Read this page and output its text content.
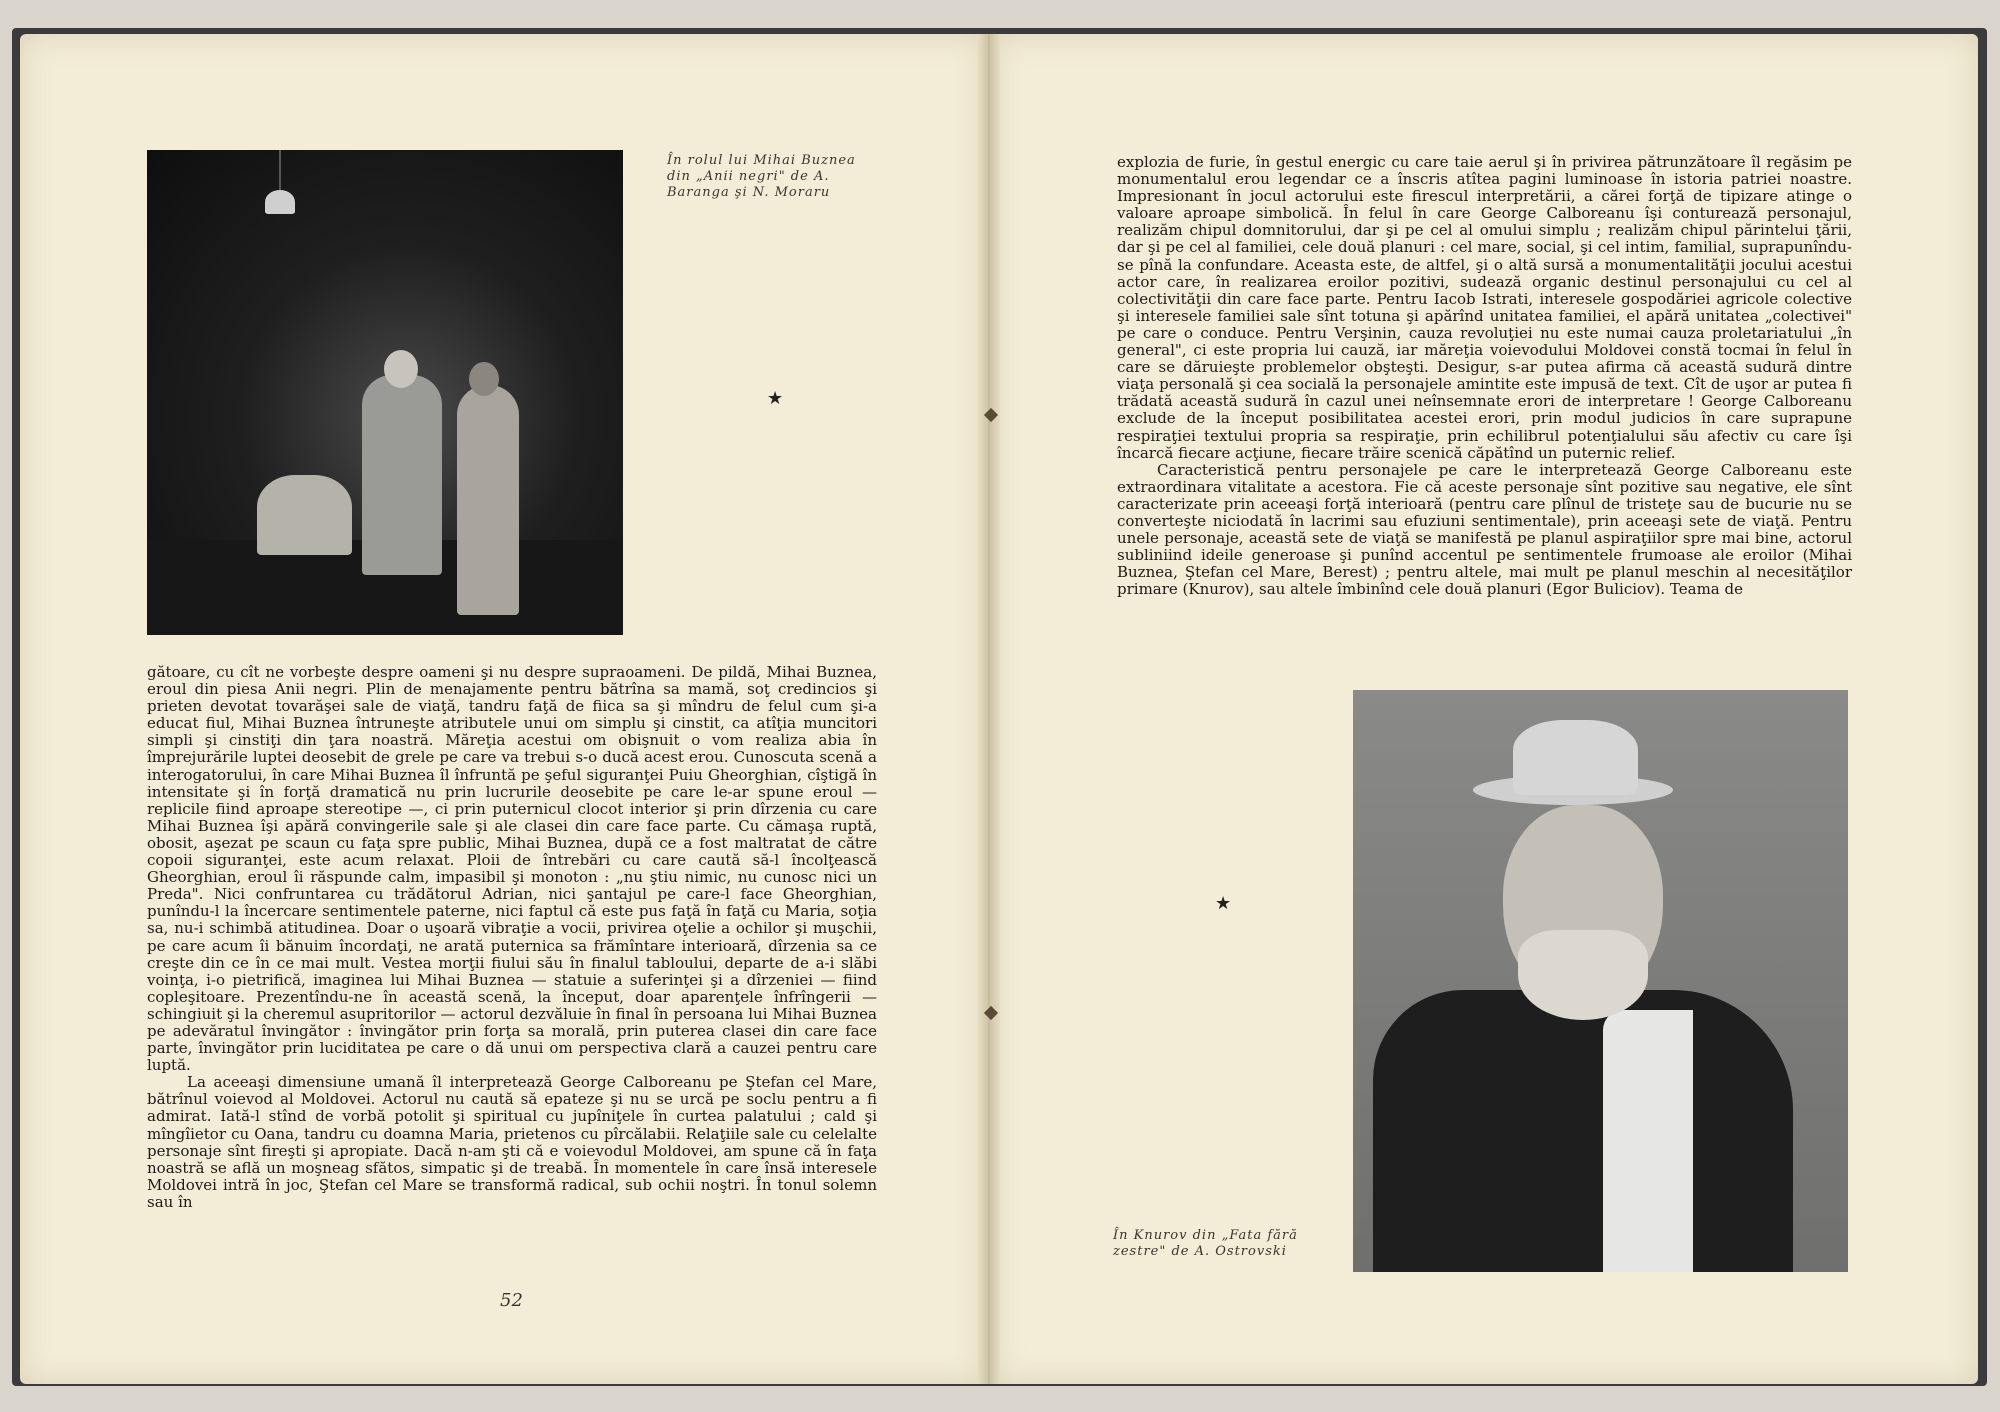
În rolul lui Mihai Buznea din „Anii negri" de A. Baranga şi N. Moraru
★

gătoare, cu cît ne vorbeşte despre oameni şi nu despre supraoameni. De pildă, Mihai Buznea, eroul din piesa Anii negri. Plin de menajamente pentru bătrîna sa mamă, soţ credincios şi prieten devotat tovarăşei sale de viaţă, tandru faţă de fiica sa şi mîndru de felul cum şi-a educat fiul, Mihai Buznea întruneşte atributele unui om simplu şi cinstit, ca atîţia muncitori simpli şi cinstiţi din ţara noastră. Măreţia acestui om obişnuit o vom realiza abia în împrejurările luptei deosebit de grele pe care va trebui s-o ducă acest erou. Cunoscuta scenă a interogatorului, în care Mihai Buznea îl înfruntă pe şeful siguranţei Puiu Gheorghian, cîştigă în intensitate şi în forţă dramatică nu prin lucrurile deosebite pe care le-ar spune eroul — replicile fiind aproape stereotipe —, ci prin puternicul clocot interior şi prin dîrzenia cu care Mihai Buznea îşi apără convingerile sale şi ale clasei din care face parte. Cu cămaşa ruptă, obosit, aşezat pe scaun cu faţa spre public, Mihai Buznea, după ce a fost maltratat de către copoii siguranţei, este acum relaxat. Ploii de întrebări cu care caută să-l încolţească Gheorghian, eroul îi răspunde calm, impasibil şi monoton : „nu ştiu nimic, nu cunosc nici un Preda". Nici confruntarea cu trădătorul Adrian, nici şantajul pe care-l face Gheorghian, punîndu-l la încercare sentimentele paterne, nici faptul că este pus faţă în faţă cu Maria, soţia sa, nu-i schimbă atitudinea. Doar o uşoară vibraţie a vocii, privirea oţelie a ochilor şi muşchii, pe care acum îi bănuim încordaţi, ne arată puternica sa frămîntare interioară, dîrzenia sa ce creşte din ce în ce mai mult. Vestea morţii fiului său în finalul tabloului, departe de a-i slăbi voinţa, i-o pietrifică, imaginea lui Mihai Buznea — statuie a suferinţei şi a dîrzeniei — fiind copleşitoare. Prezentîndu-ne în această scenă, la început, doar aparenţele înfrîngerii — schingiuit şi la cheremul asupritorilor — actorul dezvăluie în final în persoana lui Mihai Buznea pe adevăratul învingător : învingător prin forţa sa morală, prin puterea clasei din care face parte, învingător prin luciditatea pe care o dă unui om perspectiva clară a cauzei pentru care luptă.

La aceeaşi dimensiune umană îl interpretează George Calboreanu pe Ştefan cel Mare, bătrînul voievod al Moldovei. Actorul nu caută să epateze şi nu se urcă pe soclu pentru a fi admirat. Iată-l stînd de vorbă potolit şi spiritual cu jupîniţele în curtea palatului ; cald şi mîngîietor cu Oana, tandru cu doamna Maria, prietenos cu pîrcălabii. Relaţiile sale cu celelalte personaje sînt fireşti şi apropiate. Dacă n-am şti că e voievodul Moldovei, am spune că în faţa noastră se află un moşneag sfătos, simpatic şi de treabă. În momentele în care însă interesele Moldovei intră în joc, Ştefan cel Mare se transformă radical, sub ochii noştri. În tonul solemn sau în

52

explozia de furie, în gestul energic cu care taie aerul şi în privirea pătrunzătoare îl regăsim pe monumentalul erou legendar ce a înscris atîtea pagini luminoase în istoria patriei noastre. Impresionant în jocul actorului este firescul interpretării, a cărei forţă de tipizare atinge o valoare aproape simbolică. În felul în care George Calboreanu îşi conturează personajul, realizăm chipul domnitorului, dar şi pe cel al omului simplu ; realizăm chipul părintelui ţării, dar şi pe cel al familiei, cele două planuri : cel mare, social, şi cel intim, familial, suprapunîndu-se pînă la confundare. Aceasta este, de altfel, şi o altă sursă a monumentalităţii jocului acestui actor care, în realizarea eroilor pozitivi, sudează organic destinul personajului cu cel al colectivităţii din care face parte. Pentru Iacob Istrati, interesele gospodăriei agricole colective şi interesele familiei sale sînt totuna şi apărînd unitatea familiei, el apără unitatea „colectivei" pe care o conduce. Pentru Verşinin, cauza revoluţiei nu este numai cauza proletariatului „în general", ci este propria lui cauză, iar măreţia voievodului Moldovei constă tocmai în felul în care se dăruieşte problemelor obşteşti. Desigur, s-ar putea afirma că această sudură dintre viaţa personală şi cea socială la personajele amintite este impusă de text. Cît de uşor ar putea fi trădată această sudură în cazul unei neînsemnate erori de interpretare ! George Calboreanu exclude de la început posibilitatea acestei erori, prin modul judicios în care suprapune respiraţiei textului propria sa respiraţie, prin echilibrul potenţialului său afectiv cu care îşi încarcă fiecare acţiune, fiecare trăire scenică căpătînd un puternic relief.

Caracteristică pentru personajele pe care le interpretează George Calboreanu este extraordinara vitalitate a acestora. Fie că aceste personaje sînt pozitive sau negative, ele sînt caracterizate prin aceeaşi forţă interioară (pentru care plînul de tristeţe sau de bucurie nu se converteşte niciodată în lacrimi sau efuziuni sentimentale), prin aceeaşi sete de viaţă. Pentru unele personaje, această sete de viaţă se manifestă pe planul aspiraţiilor spre mai bine, actorul subliniind ideile generoase şi punînd accentul pe sentimentele frumoase ale eroilor (Mihai Buznea, Ştefan cel Mare, Berest) ; pentru altele, mai mult pe planul meschin al necesităţilor primare (Knurov), sau altele îmbinînd cele două planuri (Egor Buliciov). Teama de

★
În Knurov din „Fata fără zestre" de A. Ostrovski
